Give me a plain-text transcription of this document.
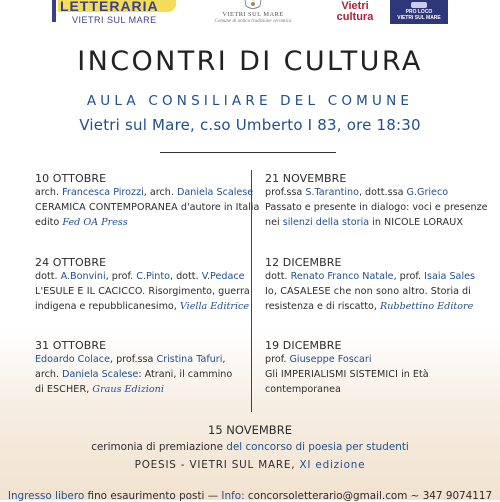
LETTERARIA
VIETRI SUL MARE
VIETRI SUL MARE
Comune di antica tradizione ceramica
Vietri
cultura	PRO LOCO
VIETRI SUL MARE
INCONTRI DI CULTURA
AULA CONSILIARE DEL COMUNE
Vietri sul Mare, c.so Umberto I 83, ore 18:30
10 OTTOBRE
arch. Francesca Pirozzi, arch. Daniela Scalese
CERAMICA CONTEMPORANEA d'autore in Italia
edito Fed OA Press
21 NOVEMBRE
prof.ssa S.Tarantino, dott.ssa G.Grieco
Passato e presente in dialogo: voci e presenze
nei silenzi della storia in NICOLE LORAUX
24 OTTOBRE
dott. A.Bonvini, prof. C.Pinto, dott. V.Pedace
L'ESULE E IL CACICCO. Risorgimento, guerra
indigena e repubblicanesimo, Viella Editrice
12 DICEMBRE
dott. Renato Franco Natale, prof. Isaia Sales
Io, CASALESE che non sono altro. Storia di
resistenza e di riscatto, Rubbettino Editore
31 OTTOBRE
Edoardo Colace, prof.ssa Cristina Tafuri,
arch. Daniela Scalese: Atrani, il cammino
di ESCHER, Graus Edizioni
19 DICEMBRE
prof. Giuseppe Foscari
Gli IMPERIALISMI SISTEMICI in Età
contemporanea
15 NOVEMBRE
cerimonia di premiazione del concorso di poesia per studenti
POESIS - VIETRI SUL MARE, XI edizione
Ingresso libero fino esaurimento posti — Info: concorsoletterario@gmail.com ~ 347 9074117
